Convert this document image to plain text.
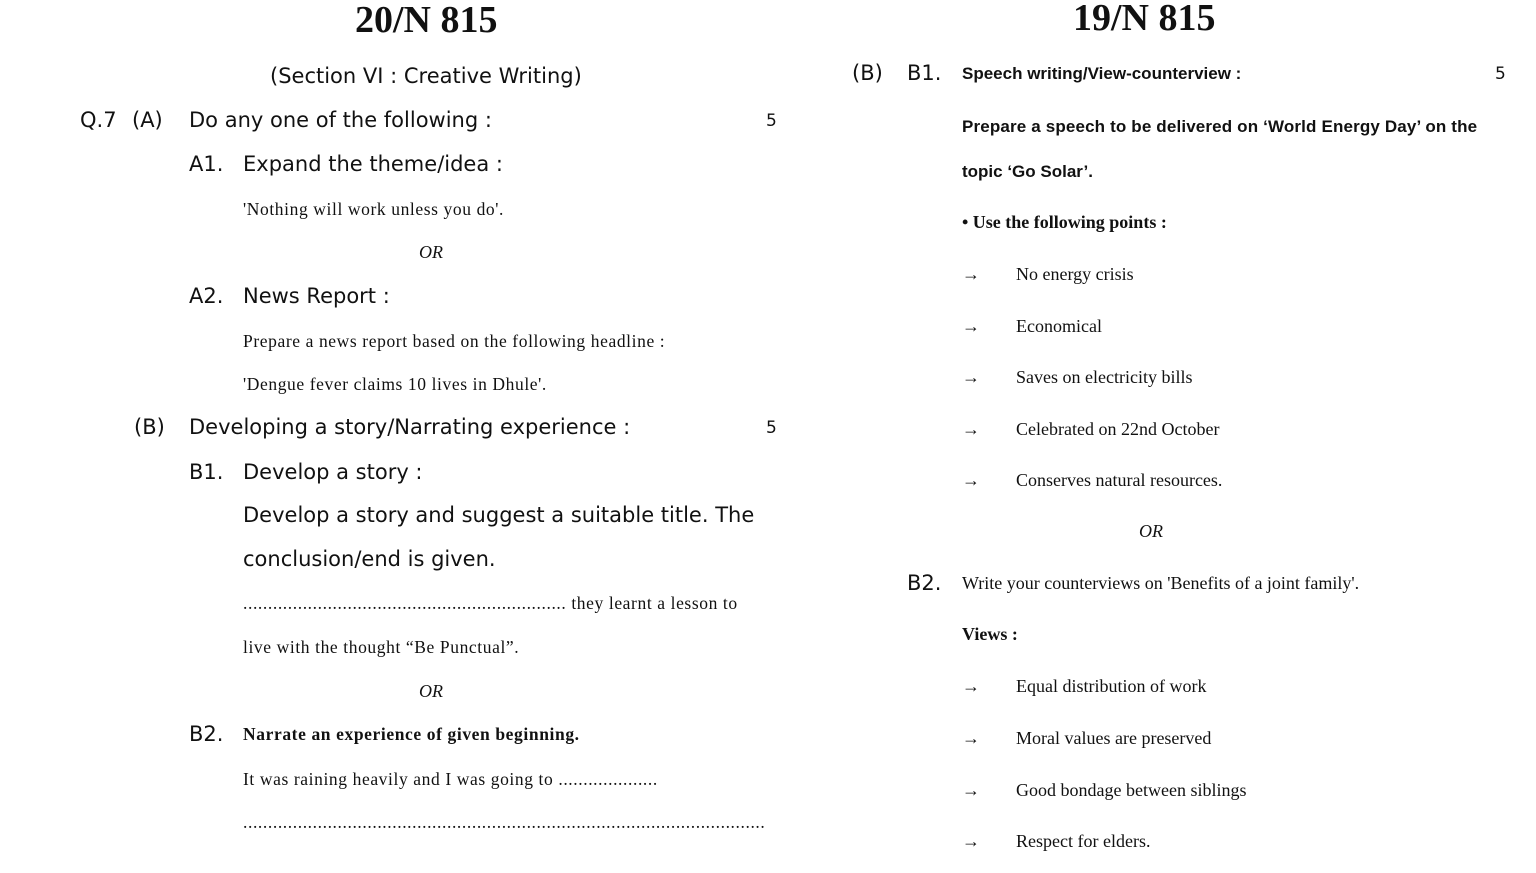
20/N 815
(Section VI : Creative Writing)
Q.7 (A) Do any one of the following :	5
A1. Expand the theme/idea :
'Nothing will work unless you do'.
OR
A2. News Report :
Prepare a news report based on the following headline :
'Dengue fever claims 10 lives in Dhule'.
(B) Developing a story/Narrating experience :	5
B1. Develop a story :
Develop a story and suggest a suitable title. The
conclusion/end is given.
................................................................. they learnt a lesson to
live with the thought “Be Punctual”.
OR
B2. Narrate an experience of given beginning.
It was raining heavily and I was going to ....................
.........................................................................................................
19/N 815
(B) B1. Speech writing/View-counterview :	5
Prepare a speech to be delivered on ‘World Energy Day’ on the
topic ‘Go Solar’.
• Use the following points :
→ No energy crisis
→ Economical
→ Saves on electricity bills
→ Celebrated on 22nd October
→ Conserves natural resources.
OR
B2. Write your counterviews on 'Benefits of a joint family'.
Views :
→ Equal distribution of work
→ Moral values are preserved
→ Good bondage between siblings
→ Respect for elders.
